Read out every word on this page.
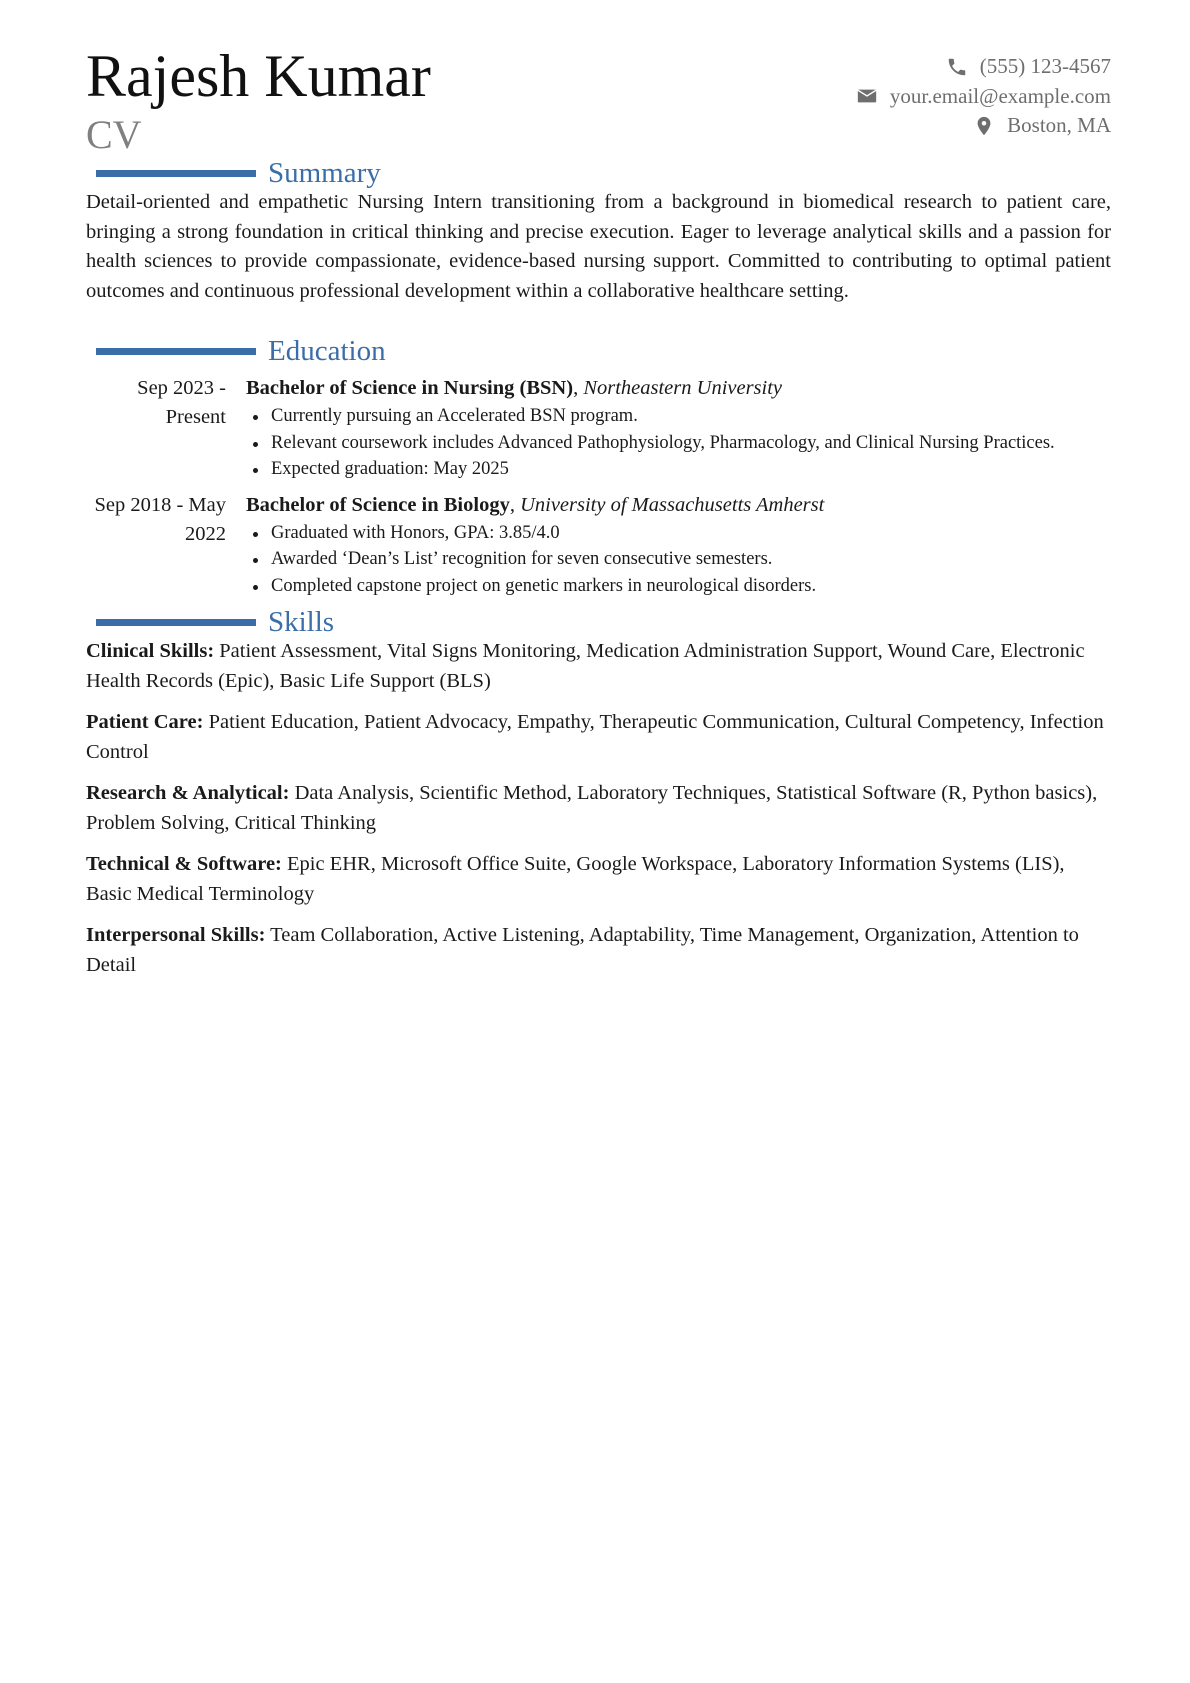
Rajesh Kumar
CV
(555) 123-4567
your.email@example.com
Boston, MA
Summary

Detail-oriented and empathetic Nursing Intern transitioning from a background in biomedical research to patient care, bringing a strong foundation in critical thinking and precise execution. Eager to leverage analytical skills and a passion for health sciences to provide compassionate, evidence-based nursing support. Committed to contributing to optimal patient outcomes and continuous professional development within a collaborative healthcare setting.

Education
Sep 2023 - Present
Bachelor of Science in Nursing (BSN), Northeastern University
Currently pursuing an Accelerated BSN program.
Relevant coursework includes Advanced Pathophysiology, Pharmacology, and Clinical Nursing Practices.
Expected graduation: May 2025
Sep 2018 - May 2022
Bachelor of Science in Biology, University of Massachusetts Amherst
Graduated with Honors, GPA: 3.85/4.0
Awarded ‘Dean’s List’ recognition for seven consecutive semesters.
Completed capstone project on genetic markers in neurological disorders.
Skills
Clinical Skills: Patient Assessment, Vital Signs Monitoring, Medication Administration Support, Wound Care, Electronic Health Records (Epic), Basic Life Support (BLS)
Patient Care: Patient Education, Patient Advocacy, Empathy, Therapeutic Communication, Cultural Competency, Infection Control
Research & Analytical: Data Analysis, Scientific Method, Laboratory Techniques, Statistical Software (R, Python basics), Problem Solving, Critical Thinking
Technical & Software: Epic EHR, Microsoft Office Suite, Google Workspace, Laboratory Information Systems (LIS), Basic Medical Terminology
Interpersonal Skills: Team Collaboration, Active Listening, Adaptability, Time Management, Organization, Attention to Detail
